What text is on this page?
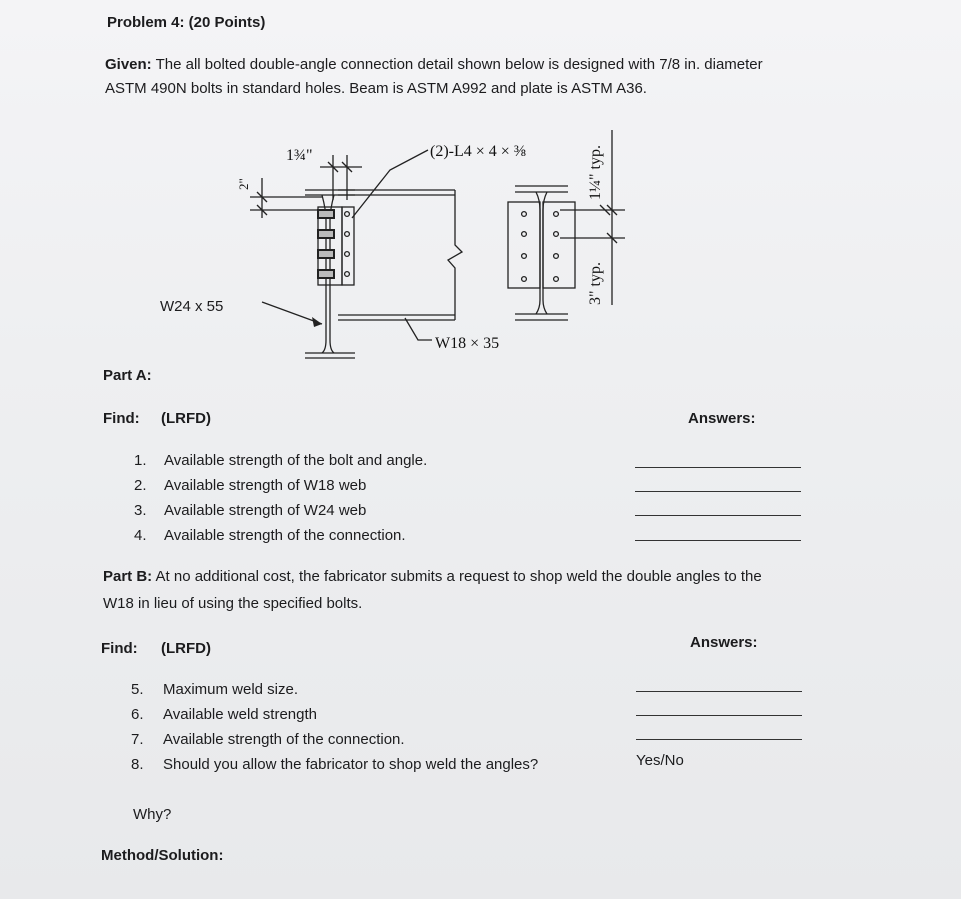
Problem 4: (20 Points)
Given: The all bolted double-angle connection detail shown below is designed with 7/8 in. diameter
ASTM 490N bolts in standard holes. Beam is ASTM A992 and plate is ASTM A36.
1¾"	(2)-L4 × 4 × ⅜
2"	1¼" typ.
3" typ.
W18 × 35
W24 x 55
Part A:
Find: (LRFD)	Answers:
1. Available strength of the bolt and angle.
2. Available strength of W18 web
3. Available strength of W24 web
4. Available strength of the connection.
Part B: At no additional cost, the fabricator submits a request to shop weld the double angles to the
W18 in lieu of using the specified bolts.
Find: (LRFD)	Answers:
5. Maximum weld size.
6. Available weld strength
7. Available strength of the connection.
8. Should you allow the fabricator to shop weld the angles?	Yes/No
Why?
Method/Solution:
